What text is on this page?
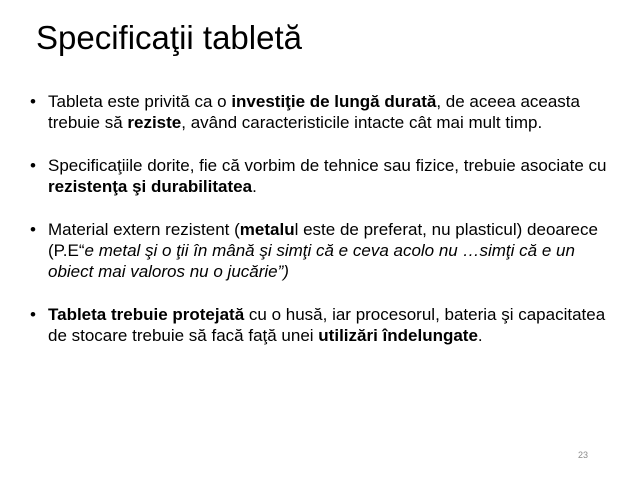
Specificaţii tabletă
• Tableta este privită ca o investiţie de lungă durată, de aceea aceasta trebuie să reziste, având caracteristicile intacte cât mai mult timp.
• Specificaţiile dorite, fie că vorbim de tehnice sau fizice, trebuie asociate cu rezistenţa şi durabilitatea.
• Material extern rezistent (metalul este de preferat, nu plasticul) deoarece (P.E“e metal şi o ţii în mână şi simţi că e ceva acolo nu …simţi că e un obiect mai valoros nu o jucărie”)
• Tableta trebuie protejată cu o husă, iar procesorul, bateria şi capacitatea de stocare trebuie să facă faţă unei utilizări îndelungate.
23
